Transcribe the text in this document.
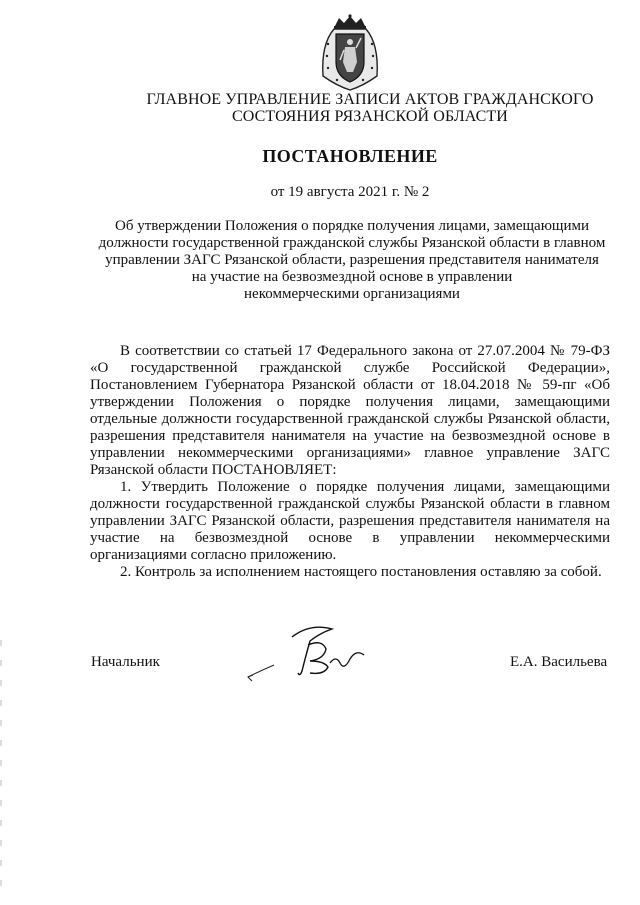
ГЛАВНОЕ УПРАВЛЕНИЕ ЗАПИСИ АКТОВ ГРАЖДАНСКОГО
СОСТОЯНИЯ РЯЗАНСКОЙ ОБЛАСТИ
ПОСТАНОВЛЕНИЕ
от 19 августа 2021 г. № 2
Об утверждении Положения о порядке получения лицами, замещающими
должности государственной гражданской службы Рязанской области в главном
управлении ЗАГС Рязанской области, разрешения представителя нанимателя
на участие на безвозмездной основе в управлении
некоммерческими организациями

В соответствии со статьей 17 Федерального закона от 27.07.2004 № 79-ФЗ «О государственной гражданской службе Российской Федерации», Постановлением Губернатора Рязанской области от 18.04.2018 № 59-пг «Об утверждении Положения о порядке получения лицами, замещающими отдельные должности государственной гражданской службы Рязанской области, разрешения представителя нанимателя на участие на безвозмездной основе в управлении некоммерческими организациями» главное управление ЗАГС Рязанской области ПОСТАНОВЛЯЕТ:

1. Утвердить Положение о порядке получения лицами, замещающими должности государственной гражданской службы Рязанской области в главном управлении ЗАГС Рязанской области, разрешения представителя нанимателя на участие на безвозмездной основе в управлении некоммерческими организациями согласно приложению.

2. Контроль за исполнением настоящего постановления оставляю за собой.

Начальник	Е.А. Васильева
